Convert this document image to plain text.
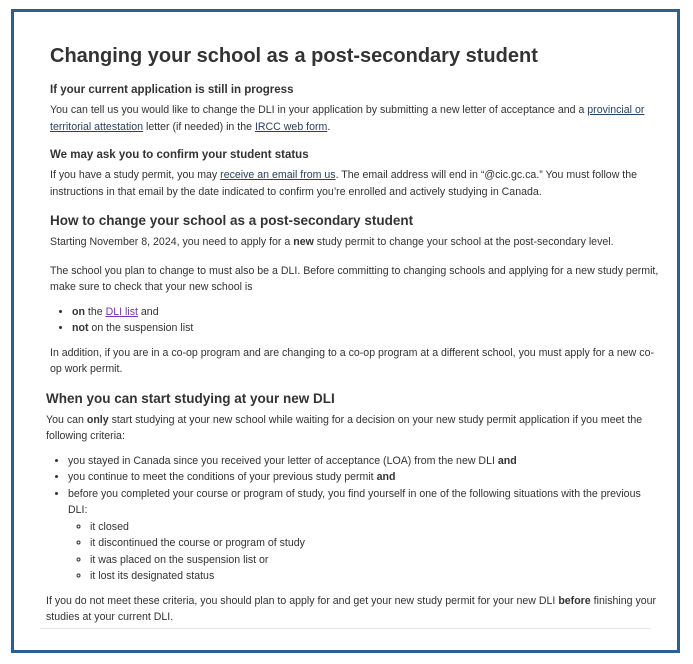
Changing your school as a post-secondary student
If your current application is still in progress

You can tell us you would like to change the DLI in your application by submitting a new letter of acceptance and a provincial or territorial attestation letter (if needed) in the IRCC web form.

We may ask you to confirm your student status

If you have a study permit, you may receive an email from us. The email address will end in “@cic.gc.ca.” You must follow the instructions in that email by the date indicated to confirm you’re enrolled and actively studying in Canada.

How to change your school as a post-secondary student

Starting November 8, 2024, you need to apply for a new study permit to change your school at the post-secondary level.

The school you plan to change to must also be a DLI. Before committing to changing schools and applying for a new study permit, make sure to check that your new school is

• on the DLI list and
• not on the suspension list

In addition, if you are in a co-op program and are changing to a co-op program at a different school, you must apply for a new co-op work permit.

When you can start studying at your new DLI

You can only start studying at your new school while waiting for a decision on your new study permit application if you meet the following criteria:

• you stayed in Canada since you received your letter of acceptance (LOA) from the new DLI and
• you continue to meet the conditions of your previous study permit and
• before you completed your course or program of study, you find yourself in one of the following situations with the previous DLI:
◦ it closed
◦ it discontinued the course or program of study
◦ it was placed on the suspension list or
◦ it lost its designated status

If you do not meet these criteria, you should plan to apply for and get your new study permit for your new DLI before finishing your studies at your current DLI.
